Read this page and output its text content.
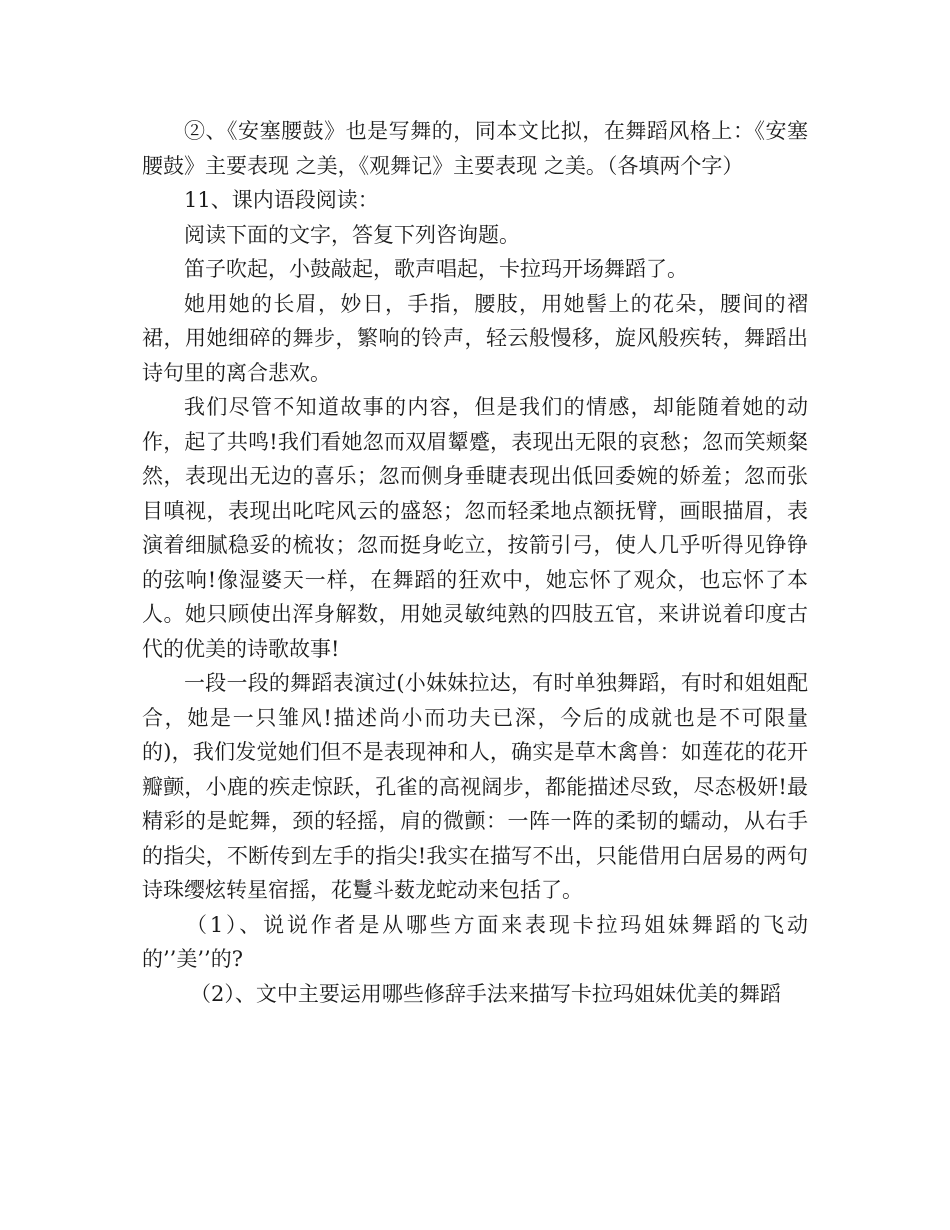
②、《安塞腰鼓》也是写舞的，同本文比拟，在舞蹈风格上：《安塞腰鼓》主要表现 之美，《观舞记》主要表现 之美。（各填两个字）

11、课内语段阅读：

阅读下面的文字，答复下列咨询题。

笛子吹起，小鼓敲起，歌声唱起，卡拉玛开场舞蹈了。

她用她的长眉，妙日，手指，腰肢，用她髻上的花朵，腰间的褶裙，用她细碎的舞步，繁响的铃声，轻云般慢移，旋风般疾转，舞蹈出诗句里的离合悲欢。

我们尽管不知道故事的内容，但是我们的情感，却能随着她的动作，起了共鸣!我们看她忽而双眉颦蹙，表现出无限的哀愁；忽而笑颊粲然，表现出无边的喜乐；忽而侧身垂睫表现出低回委婉的娇羞；忽而张目嗔视，表现出叱咤风云的盛怒；忽而轻柔地点额抚臂，画眼描眉，表演着细腻稳妥的梳妆；忽而挺身屹立，按箭引弓，使人几乎听得见铮铮的弦响!像湿婆天一样，在舞蹈的狂欢中，她忘怀了观众，也忘怀了本人。她只顾使出浑身解数，用她灵敏纯熟的四肢五官，来讲说着印度古代的优美的诗歌故事!

一段一段的舞蹈表演过(小妹妹拉达，有时单独舞蹈，有时和姐姐配合，她是一只雏风!描述尚小而功夫已深，今后的成就也是不可限量的)，我们发觉她们但不是表现神和人，确实是草木禽兽：如莲花的花开瓣颤，小鹿的疾走惊跃，孔雀的高视阔步，都能描述尽致，尽态极妍!最精彩的是蛇舞，颈的轻摇，肩的微颤：一阵一阵的柔韧的蠕动，从右手的指尖，不断传到左手的指尖!我实在描写不出，只能借用白居易的两句诗珠缨炫转星宿摇，花鬘斗薮龙蛇动来包括了。

（1）、说说作者是从哪些方面来表现卡拉玛姐妹舞蹈的飞动的’’美’’的?

（2）、文中主要运用哪些修辞手法来描写卡拉玛姐妹优美的舞蹈
